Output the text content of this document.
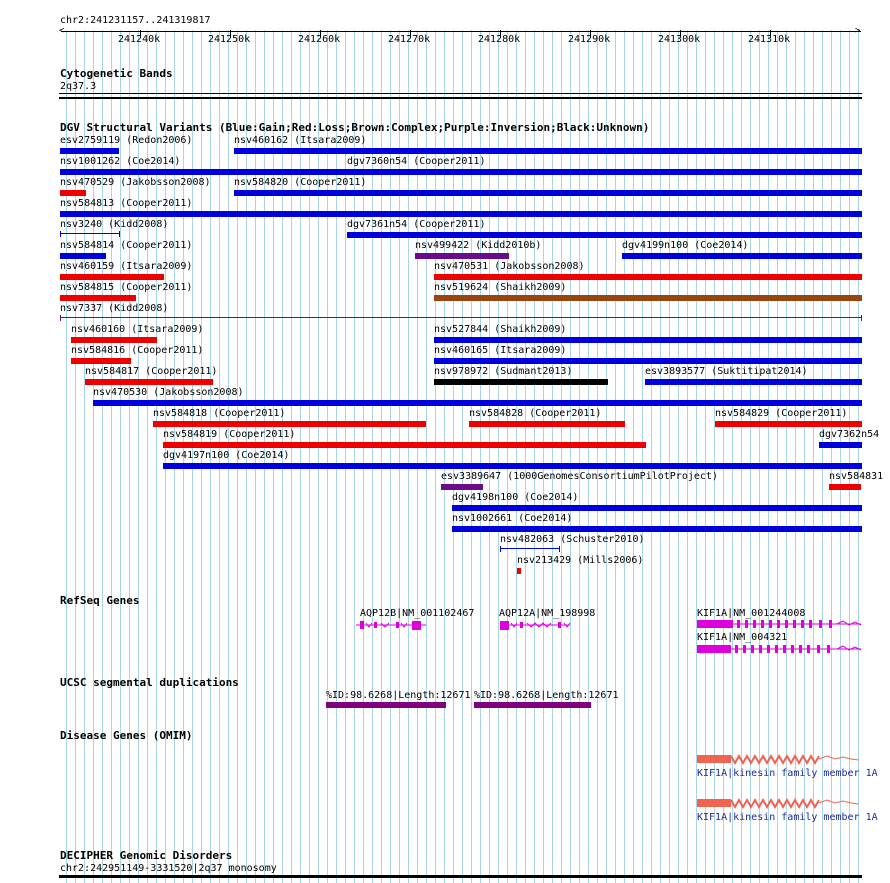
chr2:241231157..241319817
<	>
241240k	241250k	241260k	241270k	241280k	241290k	241300k	241310k
Cytogenetic Bands
2q37.3
DGV Structural Variants (Blue:Gain;Red:Loss;Brown:Complex;Purple:Inversion;Black:Unknown)
esv2759119 (Redon2006)	nsv460162 (Itsara2009)
nsv1001262 (Coe2014)	dgv7360n54 (Cooper2011)
nsv470529 (Jakobsson2008) nsv584820 (Cooper2011)
nsv584813 (Cooper2011)
nsv3240 (Kidd2008)	dgv7361n54 (Cooper2011)
nsv584814 (Cooper2011)	nsv499422 (Kidd2010b)	dgv4199n100 (Coe2014)
nsv460159 (Itsara2009)	nsv470531 (Jakobsson2008)
nsv584815 (Cooper2011)	nsv519624 (Shaikh2009)
nsv7337 (Kidd2008)
nsv460160 (Itsara2009)	nsv527844 (Shaikh2009)
nsv584816 (Cooper2011)	nsv460165 (Itsara2009)
nsv584817 (Cooper2011)	nsv978972 (Sudmant2013)	esv3893577 (Suktitipat2014)
nsv470530 (Jakobsson2008)
nsv584818 (Cooper2011)	nsv584828 (Cooper2011)	nsv584829 (Cooper2011)
nsv584819 (Cooper2011)	dgv7362n54
dgv4197n100 (Coe2014)
esv3389647 (1000GenomesConsortiumPilotProject)	nsv584831
dgv4198n100 (Coe2014)
nsv1002661 (Coe2014)
nsv482063 (Schuster2010)
nsv213429 (Mills2006)
RefSeq Genes
AQP12B|NM_001102467 AQP12A|NM_198998	KIF1A|NM_001244008
KIF1A|NM_004321
UCSC segmental duplications
%ID:98.6268|Length:12671 %ID:98.6268|Length:12671
Disease Genes (OMIM)
KIF1A|kinesin family member 1A
KIF1A|kinesin family member 1A
DECIPHER Genomic Disorders
chr2:242951149-3331520|2q37 monosomy
